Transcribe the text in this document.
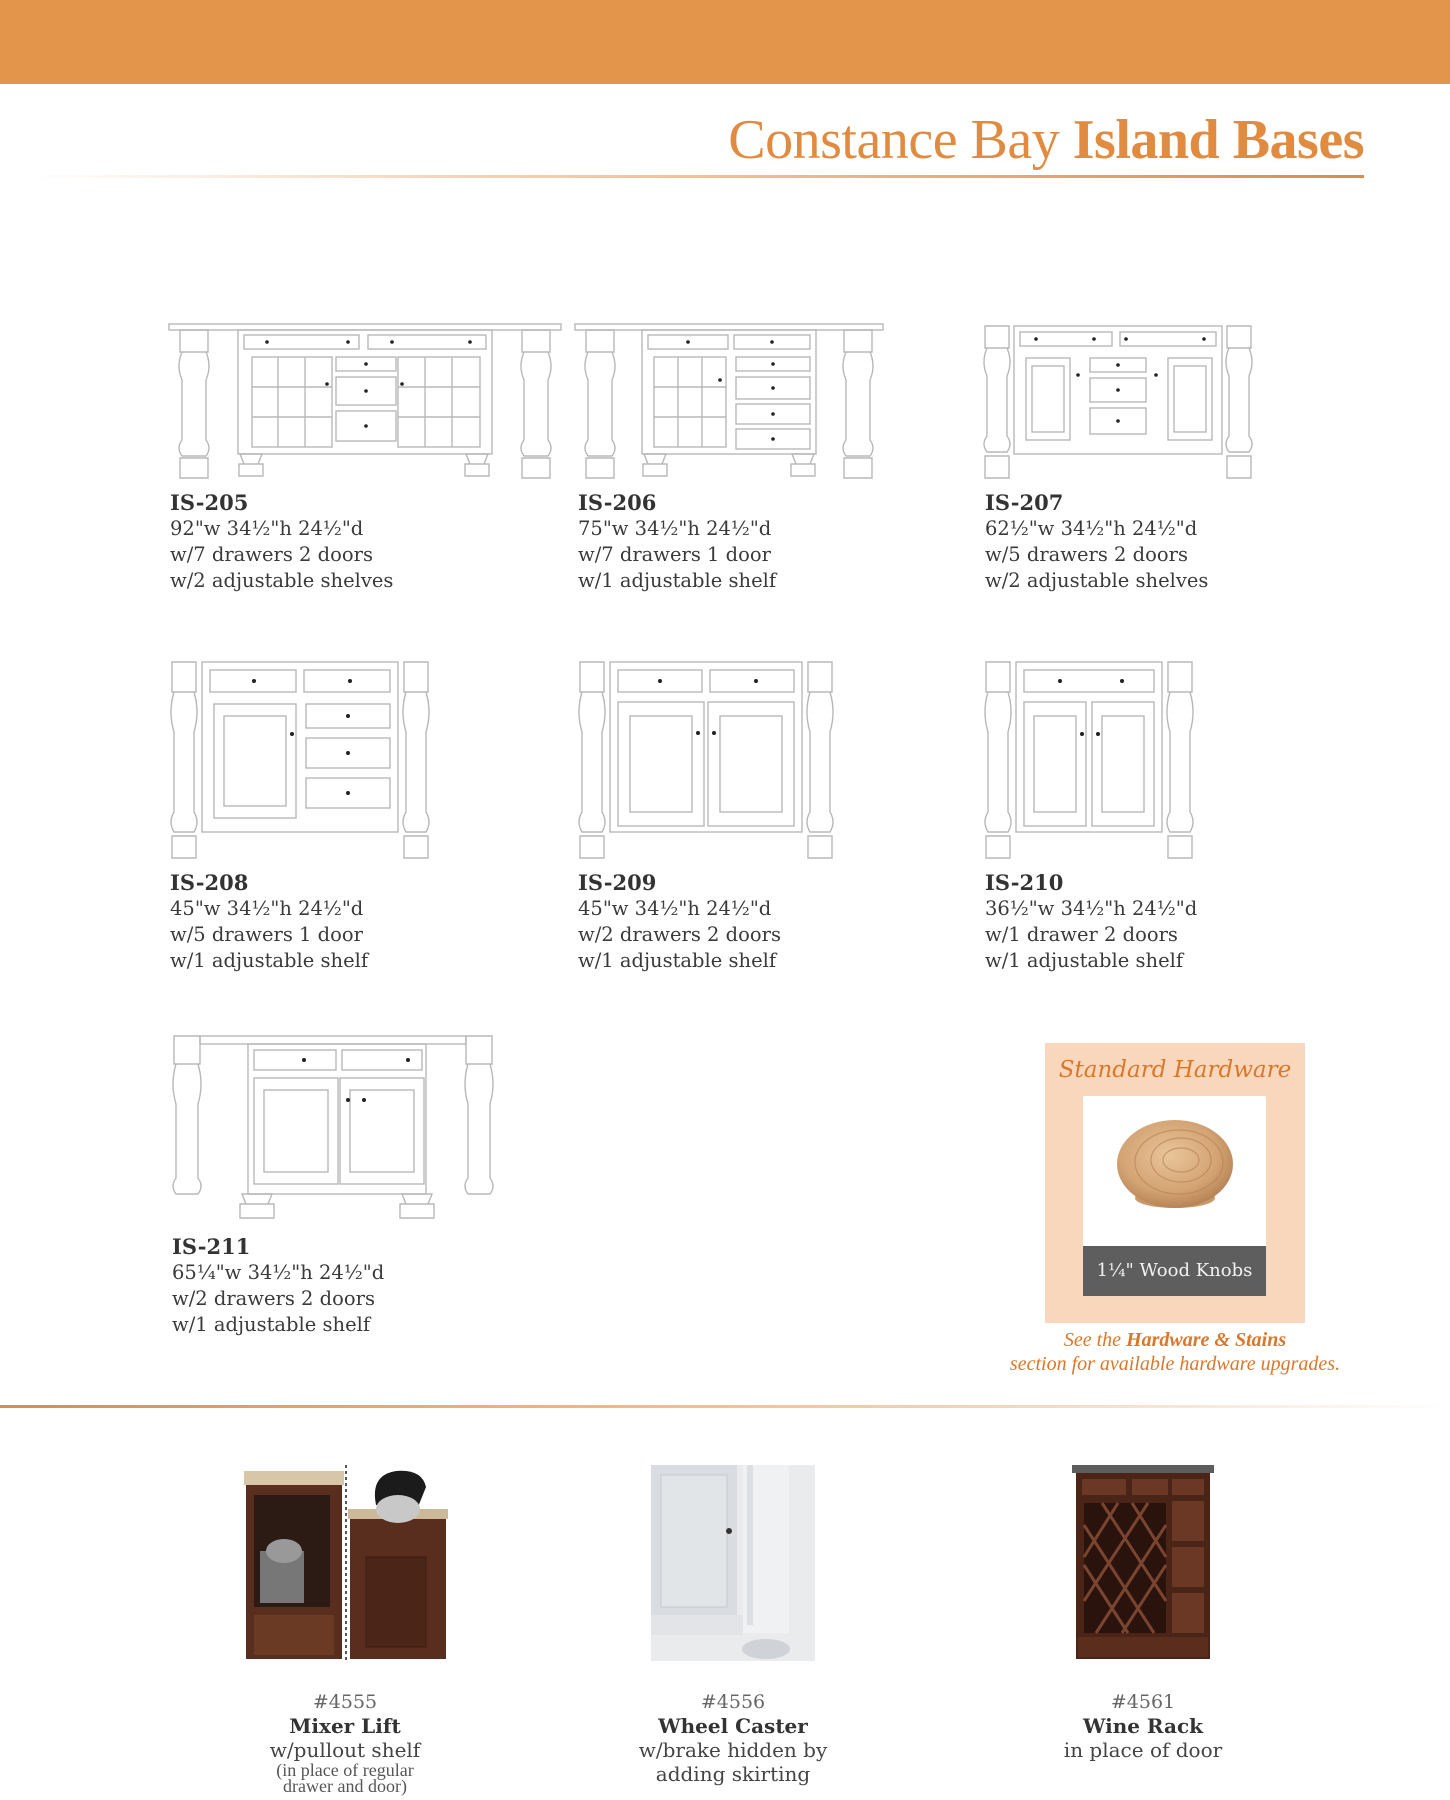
Constance Bay Island Bases
IS-205
92"w 34½"h 24½"d
w/7 drawers 2 doors
w/2 adjustable shelves
IS-206
75"w 34½"h 24½"d
w/7 drawers 1 door
w/1 adjustable shelf
IS-207
62½"w 34½"h 24½"d
w/5 drawers 2 doors
w/2 adjustable shelves
IS-208
45"w 34½"h 24½"d
w/5 drawers 1 door
w/1 adjustable shelf
IS-209
45"w 34½"h 24½"d
w/2 drawers 2 doors
w/1 adjustable shelf
IS-210
36½"w 34½"h 24½"d
w/1 drawer 2 doors
w/1 adjustable shelf
IS-211
65¼"w 34½"h 24½"d
w/2 drawers 2 doors
w/1 adjustable shelf
Standard Hardware
1¼" Wood Knobs
See the Hardware & Stains
section for available hardware upgrades.
#4555
Mixer Lift
w/pullout shelf
(in place of regular
drawer and door)
#4556
Wheel Caster
w/brake hidden by
adding skirting
#4561
Wine Rack
in place of door
